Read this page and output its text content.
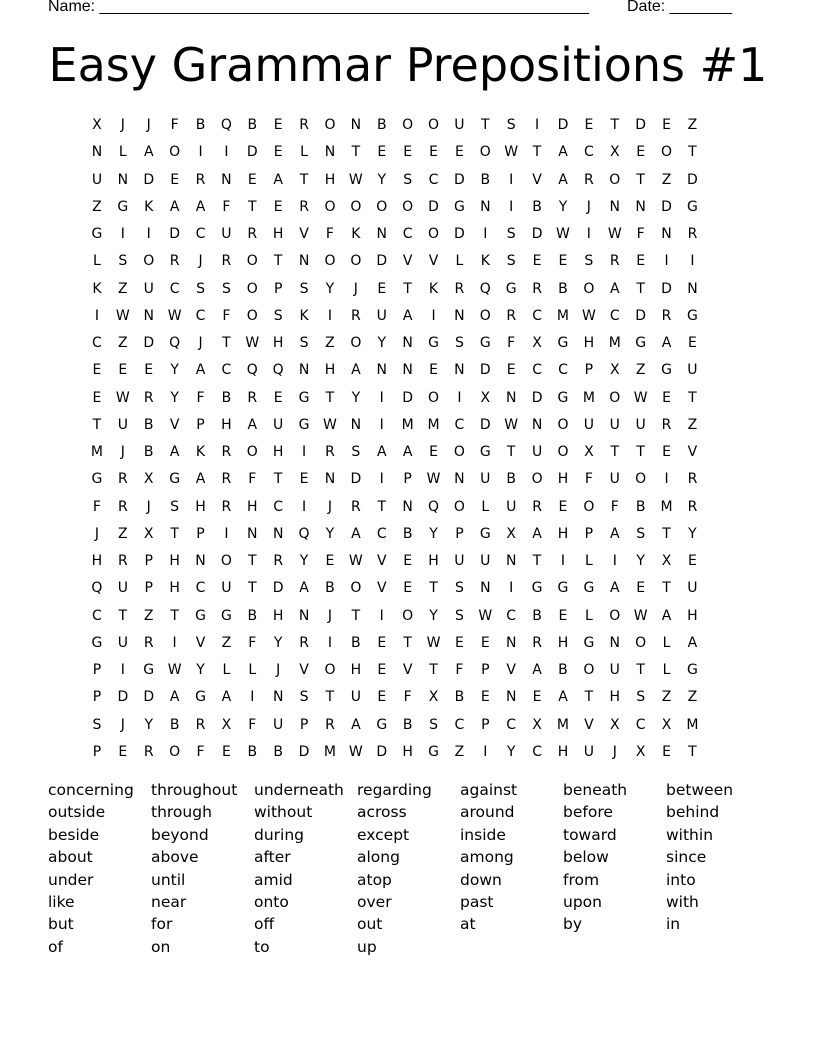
Name: _______________________________________________________ Date: _______
Easy Grammar Prepositions #1
X	J	J	F	B	Q	B	E	R	O	N	B	O	O	U	T	S	I	D	E	T	D	E	Z
N	L	A	O	I	I	D	E	L	N	T	E	E	E	E	O W	T	A	C	X	E	O	T
U	N	D	E	R	N	E	A	T	H W	Y	S	C	D	B	I	V	A	R	O	T	Z	D
Z	G	K	A	A	F	T	E	R	O	O	O	O	D	G	N	I	B	Y	J	N	N	D	G
G	I	I	D	C	U	R	H	V	F	K	N	C	O	D	I	S	D W	I	W	F	N	R
L	S	O	R	J	R	O	T	N	O	O	D	V	V	L	K	S	E	E	S	R	E	I	I
K	Z	U	C	S	S	O	P	S	Y	J	E	T	K	R	Q	G	R	B	O	A	T	D	N
I	W N W	C	F	O	S	K	I	R	U	A	I	N	O	R	C	M W	C	D	R	G
C	Z	D	Q	J	T	W H	S	Z	O	Y	N	G	S	G	F	X	G	H	M	G	A	E
E	E	E	Y	A	C	Q	Q	N	H	A	N	N	E	N	D	E	C	C	P	X	Z	G	U
E	W	R	Y	F	B	R	E	G	T	Y	I	D	O	I	X	N	D	G	M	O W	E	T
T	U	B	V	P	H	A	U	G W N	I	M M	C	D W N	O	U	U	U	R	Z
M	J	B	A	K	R	O	H	I	R	S	A	A	E	O	G	T	U	O	X	T	T	E	V
G	R	X	G	A	R	F	T	E	N	D	I	P	W N	U	B	O	H	F	U	O	I	R
F	R	J	S	H	R	H	C	I	J	R	T	N	Q	O	L	U	R	E	O	F	B	M	R
J	Z	X	T	P	I	N	N	Q	Y	A	C	B	Y	P	G	X	A	H	P	A	S	T	Y
H	R	P	H	N	O	T	R	Y	E	W	V	E	H	U	U	N	T	I	L	I	Y	X	E
Q	U	P	H	C	U	T	D	A	B	O	V	E	T	S	N	I	G	G	G	A	E	T	U
C	T	Z	T	G	G	B	H	N	J	T	I	O	Y	S	W	C	B	E	L	O W	A	H
G	U	R	I	V	Z	F	Y	R	I	B	E	T	W	E	E	N	R	H	G	N	O	L	A
P	I	G W	Y	L	L	J	V	O	H	E	V	T	F	P	V	A	B	O	U	T	L	G
P	D	D	A	G	A	I	N	S	T	U	E	F	X	B	E	N	E	A	T	H	S	Z	Z
S	J	Y	B	R	X	F	U	P	R	A	G	B	S	C	P	C	X	M	V	X	C	X	M
P	E	R	O	F	E	B	B	D	M W D	H	G	Z	I	Y	C	H	U	J	X	E	T
concerning	throughout	underneath regarding	against	beneath	between
outside	through	without	across	around	before	behind
beside	beyond	during	except	inside	toward	within
about	above	after	along	among	below	since
under	until	amid	atop	down	from	into
like	near	onto	over	past	upon	with
but	for	off	out	at	by	in
of	on	to	up
